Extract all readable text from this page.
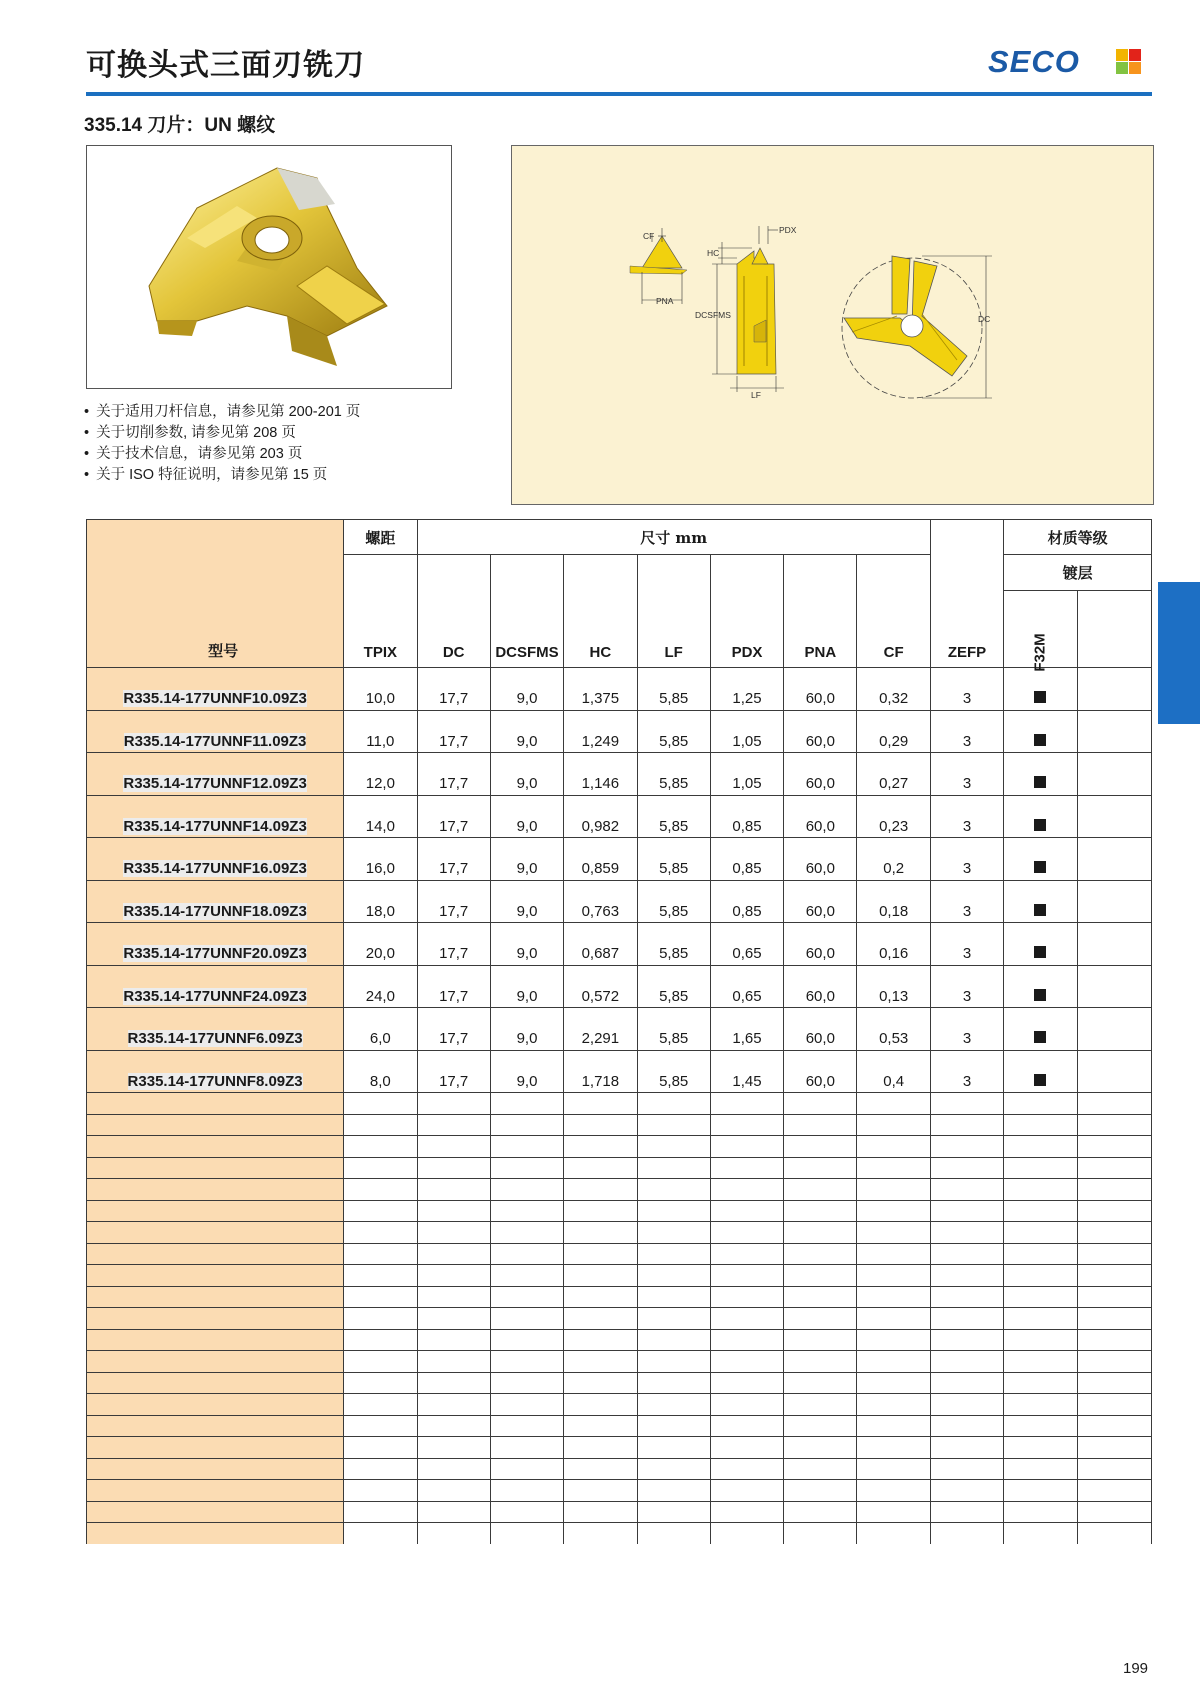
可换头式三面刃铣刀	SECO
335.14 刀片：UN 螺纹
• 关于适用刀杆信息，请参见第 200-201 页
• 关于切削参数, 请参见第 208 页
• 关于技术信息，请参见第 203 页
• 关于 ISO 特征说明，请参见第 15 页
CF
PNA
PDX
HC
DCSFMS
LF
DC
型号	螺距	尺寸 mm							ZEFP	材质等级	
	TPIX	DC	DCSFMS	HC	LF	PDX	PNA	CF		镀层	
										F32M	

R335.14-177UNNF10.09Z3	10,0	17,7	9,0	1,375	5,85	1,25	60,0	0,32	3		

R335.14-177UNNF11.09Z3	11,0	17,7	9,0	1,249	5,85	1,05	60,0	0,29	3		

R335.14-177UNNF12.09Z3	12,0	17,7	9,0	1,146	5,85	1,05	60,0	0,27	3		

R335.14-177UNNF14.09Z3	14,0	17,7	9,0	0,982	5,85	0,85	60,0	0,23	3		

R335.14-177UNNF16.09Z3	16,0	17,7	9,0	0,859	5,85	0,85	60,0	0,2	3		

R335.14-177UNNF18.09Z3	18,0	17,7	9,0	0,763	5,85	0,85	60,0	0,18	3		

R335.14-177UNNF20.09Z3	20,0	17,7	9,0	0,687	5,85	0,65	60,0	0,16	3		

R335.14-177UNNF24.09Z3	24,0	17,7	9,0	0,572	5,85	0,65	60,0	0,13	3		

R335.14-177UNNF6.09Z3	6,0	17,7	9,0	2,291	5,85	1,65	60,0	0,53	3		

R335.14-177UNNF8.09Z3	8,0	17,7	9,0	1,718	5,85	1,45	60,0	0,4	3		

199
